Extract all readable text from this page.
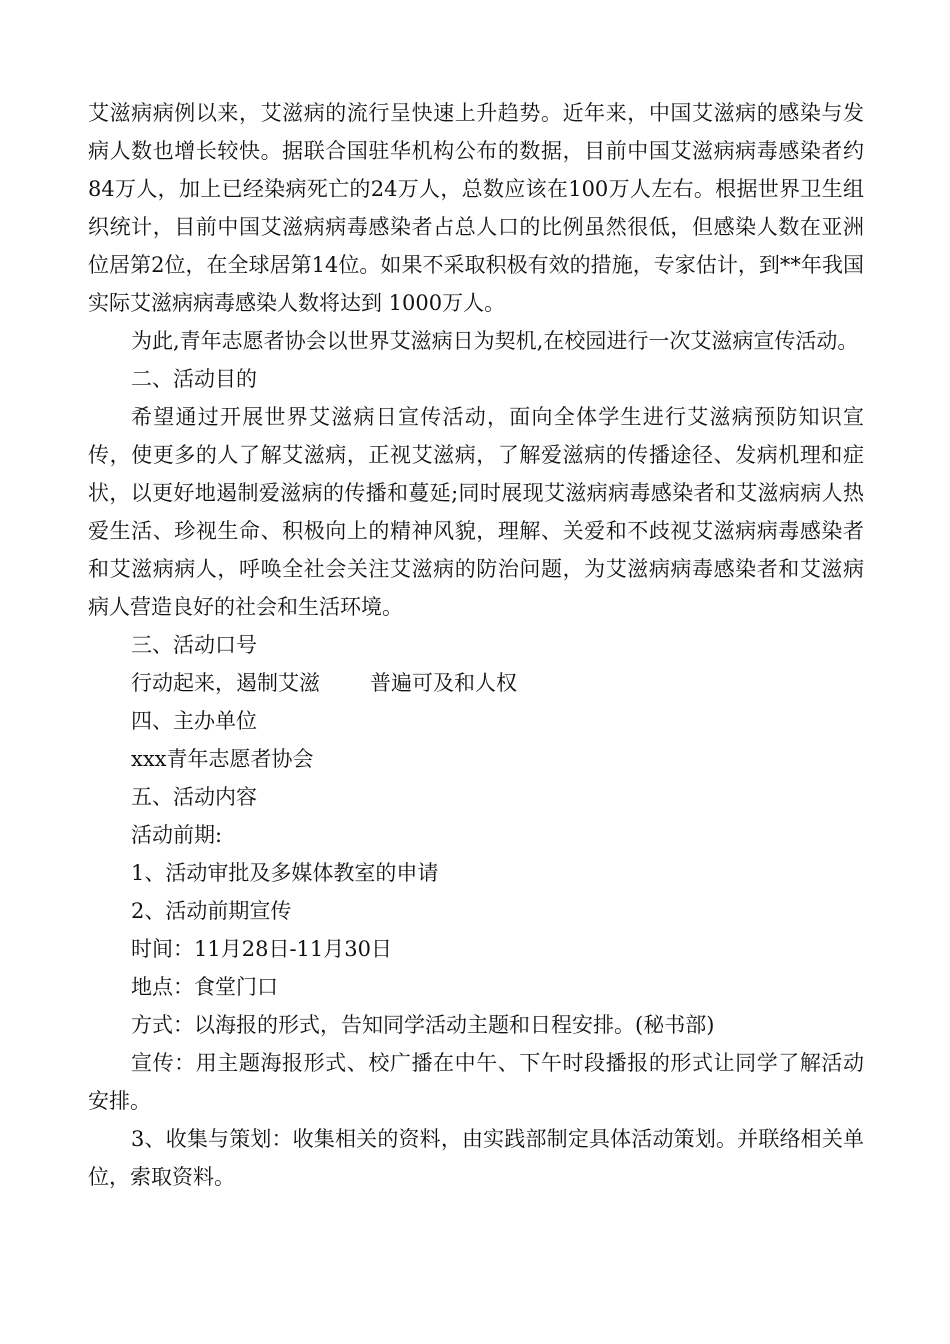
艾滋病病例以来，艾滋病的流行呈快速上升趋势。近年来，中国艾滋病的感染与发病人数也增长较快。据联合国驻华机构公布的数据，目前中国艾滋病病毒感染者约84万人，加上已经染病死亡的24万人，总数应该在100万人左右。根据世界卫生组织统计，目前中国艾滋病病毒感染者占总人口的比例虽然很低，但感染人数在亚洲位居第2位，在全球居第14位。如果不采取积极有效的措施，专家估计，到**年我国实际艾滋病病毒感染人数将达到 1000万人。

为此,青年志愿者协会以世界艾滋病日为契机,在校园进行一次艾滋病宣传活动。

二、活动目的

希望通过开展世界艾滋病日宣传活动，面向全体学生进行艾滋病预防知识宣传，使更多的人了解艾滋病，正视艾滋病，了解爱滋病的传播途径、发病机理和症状，以更好地遏制爱滋病的传播和蔓延;同时展现艾滋病病毒感染者和艾滋病病人热爱生活、珍视生命、积极向上的精神风貌，理解、关爱和不歧视艾滋病病毒感染者和艾滋病病人，呼唤全社会关注艾滋病的防治问题，为艾滋病病毒感染者和艾滋病病人营造良好的社会和生活环境。

三、活动口号

行动起来，遏制艾滋 普遍可及和人权

四、主办单位

xxx青年志愿者协会

五、活动内容

活动前期:

1、活动审批及多媒体教室的申请

2、活动前期宣传

时间：11月28日-11月30日

地点：食堂门口

方式：以海报的形式，告知同学活动主题和日程安排。(秘书部)

宣传：用主题海报形式、校广播在中午、下午时段播报的形式让同学了解活动安排。

3、收集与策划：收集相关的资料，由实践部制定具体活动策划。并联络相关单位，索取资料。
